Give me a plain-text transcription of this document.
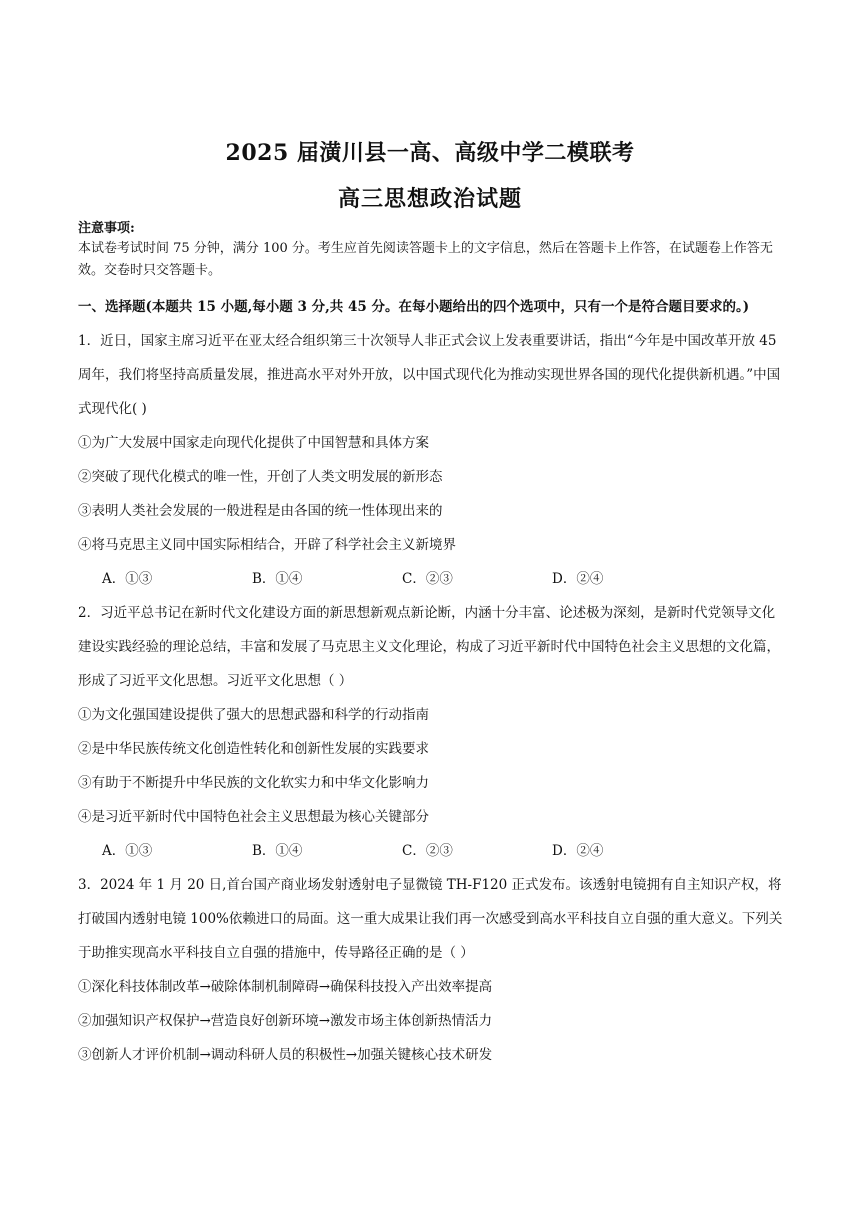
2025 届潢川县一高、高级中学二模联考
高三思想政治试题

注意事项:

本试卷考试时间 75 分钟，满分 100 分。考生应首先阅读答题卡上的文字信息，然后在答题卡上作答，在试题卷上作答无效。交卷时只交答题卡。

一、选择题(本题共 15 小题,每小题 3 分,共 45 分。在每小题给出的四个选项中，只有一个是符合题目要求的。)

1．近日，国家主席习近平在亚太经合组织第三十次领导人非正式会议上发表重要讲话，指出“今年是中国改革开放 45 周年，我们将坚持高质量发展，推进高水平对外开放，以中国式现代化为推动实现世界各国的现代化提供新机遇。”中国式现代化( )

①为广大发展中国家走向现代化提供了中国智慧和具体方案

②突破了现代化模式的唯一性，开创了人类文明发展的新形态

③表明人类社会发展的一般进程是由各国的统一性体现出来的

④将马克思主义同中国实际相结合，开辟了科学社会主义新境界

A．①③	B．①④	C．②③	D．②④

2．习近平总书记在新时代文化建设方面的新思想新观点新论断，内涵十分丰富、论述极为深刻，是新时代党领导文化建设实践经验的理论总结，丰富和发展了马克思主义文化理论，构成了习近平新时代中国特色社会主义思想的文化篇，形成了习近平文化思想。习近平文化思想（ ）

①为文化强国建设提供了强大的思想武器和科学的行动指南

②是中华民族传统文化创造性转化和创新性发展的实践要求

③有助于不断提升中华民族的文化软实力和中华文化影响力

④是习近平新时代中国特色社会主义思想最为核心关键部分

A．①③	B．①④	C．②③	D．②④

3．2024 年 1 月 20 日,首台国产商业场发射透射电子显微镜 TH-F120 正式发布。该透射电镜拥有自主知识产权，将打破国内透射电镜 100%依赖进口的局面。这一重大成果让我们再一次感受到高水平科技自立自强的重大意义。下列关于助推实现高水平科技自立自强的措施中，传导路径正确的是（ ）

①深化科技体制改革→破除体制机制障碍→确保科技投入产出效率提高

②加强知识产权保护→营造良好创新环境→激发市场主体创新热情活力

③创新人才评价机制→调动科研人员的积极性→加强关键核心技术研发
